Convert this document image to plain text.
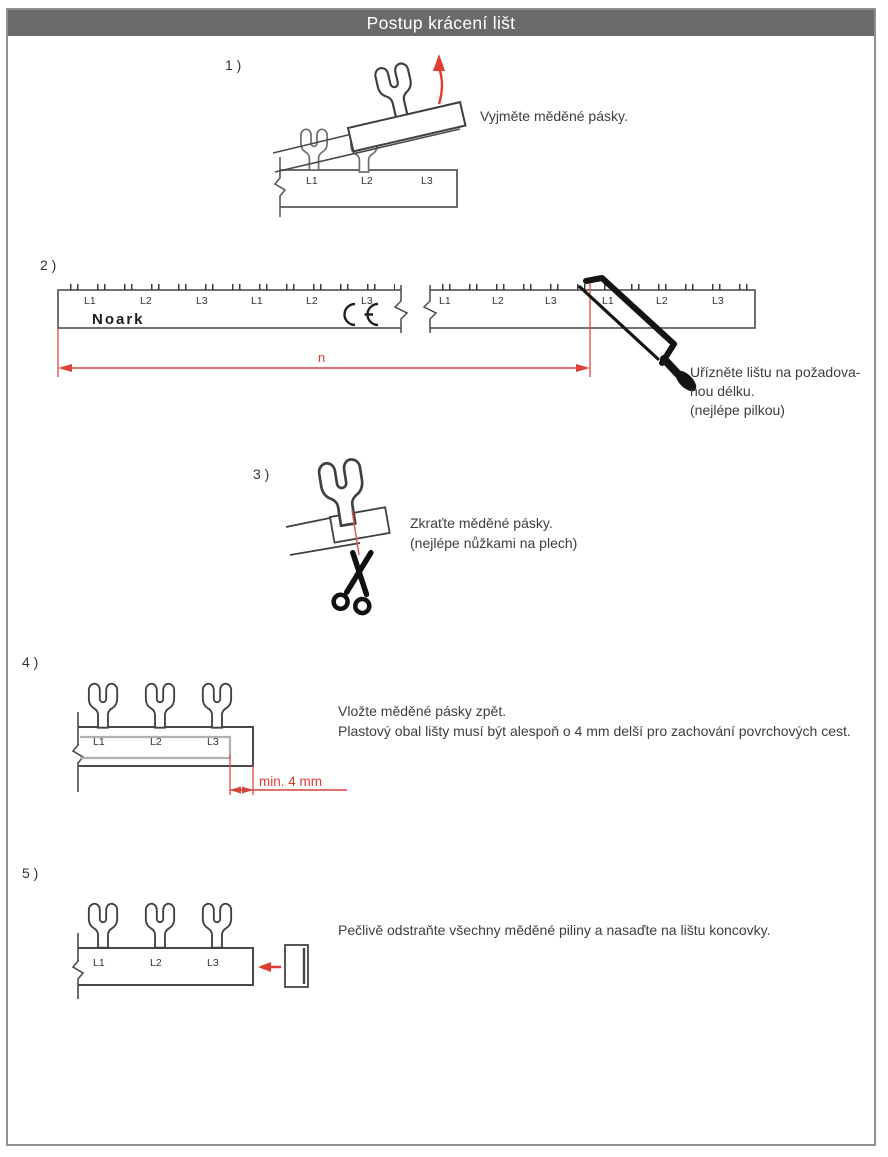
Postup krácení lišt
1 )
L1	L2	L3
Vyjměte měděné pásky.
2 )
L1	L2	L3	L1	L2	L3
Noark
L1	L2	L3	L1	L2	L3
n
Uřízněte lištu na požadova-
nou délku.
(nejlépe pilkou)
3 )
Zkraťte měděné pásky.
(nejlépe nůžkami na plech)
4 )
L1	L2	L3
min. 4 mm
Vložte měděné pásky zpět.
Plastový obal lišty musí být alespoň o 4 mm delší pro zachování povrchových cest.
5 )
L1	L2	L3
Pečlivě odstraňte všechny měděné piliny a nasaďte na lištu koncovky.
